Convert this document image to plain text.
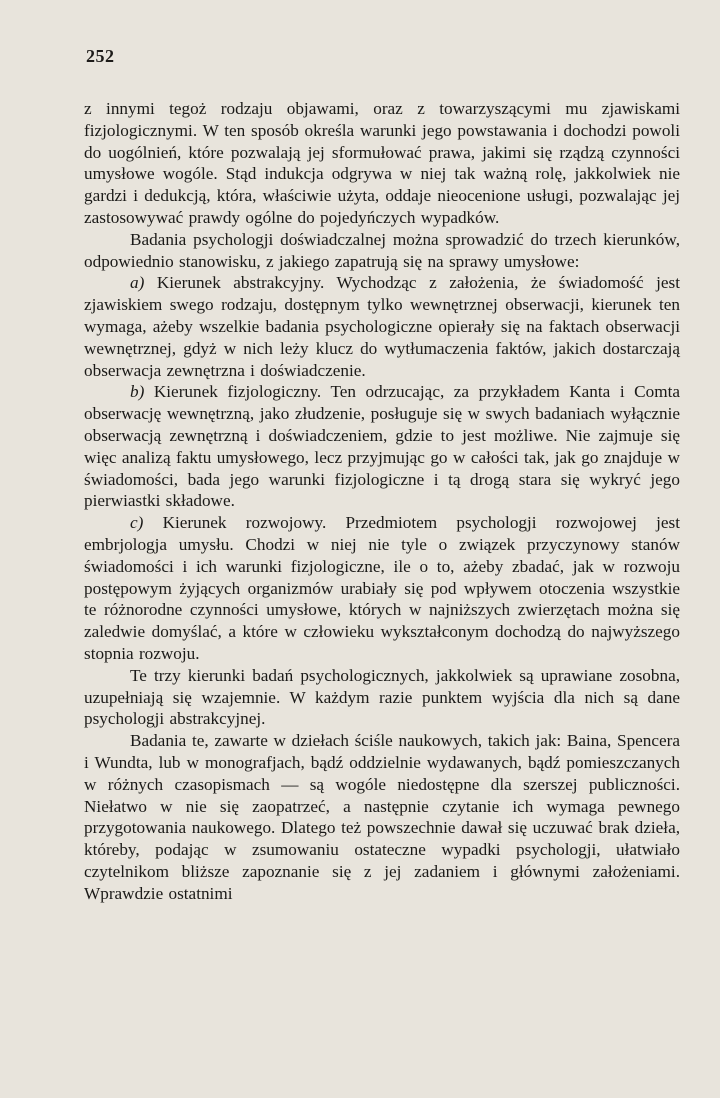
252

z innymi tegoż rodzaju objawami, oraz z towarzyszącymi mu zjawiskami fizjologicznymi. W ten sposób określa warunki jego powstawania i dochodzi powoli do uogólnień, które pozwalają jej sformułować prawa, jakimi się rządzą czynności umysłowe wogóle. Stąd indukcja odgrywa w niej tak ważną rolę, jakkolwiek nie gardzi i dedukcją, która, właściwie użyta, oddaje nieocenione usługi, pozwalając jej zastosowywać prawdy ogólne do pojedyńczych wypadków.

Badania psychologji doświadczalnej można sprowadzić do trzech kierunków, odpowiednio stanowisku, z jakiego zapatrują się na sprawy umysłowe:

a) Kierunek abstrakcyjny. Wychodząc z założenia, że świadomość jest zjawiskiem swego rodzaju, dostępnym tylko wewnętrznej obserwacji, kierunek ten wymaga, ażeby wszelkie badania psychologiczne opierały się na faktach obserwacji wewnętrznej, gdyż w nich leży klucz do wytłumaczenia faktów, jakich dostarczają obserwacja zewnętrzna i doświadczenie.

b) Kierunek fizjologiczny. Ten odrzucając, za przykładem Kanta i Comta obserwację wewnętrzną, jako złudzenie, posługuje się w swych badaniach wyłącznie obserwacją zewnętrzną i doświadczeniem, gdzie to jest możliwe. Nie zajmuje się więc analizą faktu umysłowego, lecz przyjmując go w całości tak, jak go znajduje w świadomości, bada jego warunki fizjologiczne i tą drogą stara się wykryć jego pierwiastki składowe.

c) Kierunek rozwojowy. Przedmiotem psychologji rozwojowej jest embrjologja umysłu. Chodzi w niej nie tyle o związek przyczynowy stanów świadomości i ich warunki fizjologiczne, ile o to, ażeby zbadać, jak w rozwoju postępowym żyjących organizmów urabiały się pod wpływem otoczenia wszystkie te różnorodne czynności umysłowe, których w najniższych zwierzętach można się zaledwie domyślać, a które w człowieku wykształconym dochodzą do najwyższego stopnia rozwoju.

Te trzy kierunki badań psychologicznych, jakkolwiek są uprawiane zosobna, uzupełniają się wzajemnie. W każdym razie punktem wyjścia dla nich są dane psychologji abstrakcyjnej.

Badania te, zawarte w dziełach ściśle naukowych, takich jak: Baina, Spencera i Wundta, lub w monografjach, bądź oddzielnie wydawanych, bądź pomieszczanych w różnych czasopismach — są wogóle niedostępne dla szerszej publiczności. Niełatwo w nie się zaopatrzeć, a następnie czytanie ich wymaga pewnego przygotowania naukowego. Dlatego też powszechnie dawał się uczuwać brak dzieła, któreby, podając w zsumowaniu ostateczne wypadki psychologji, ułatwiało czytelnikom bliższe zapoznanie się z jej zadaniem i głównymi założeniami. Wprawdzie ostatnimi
